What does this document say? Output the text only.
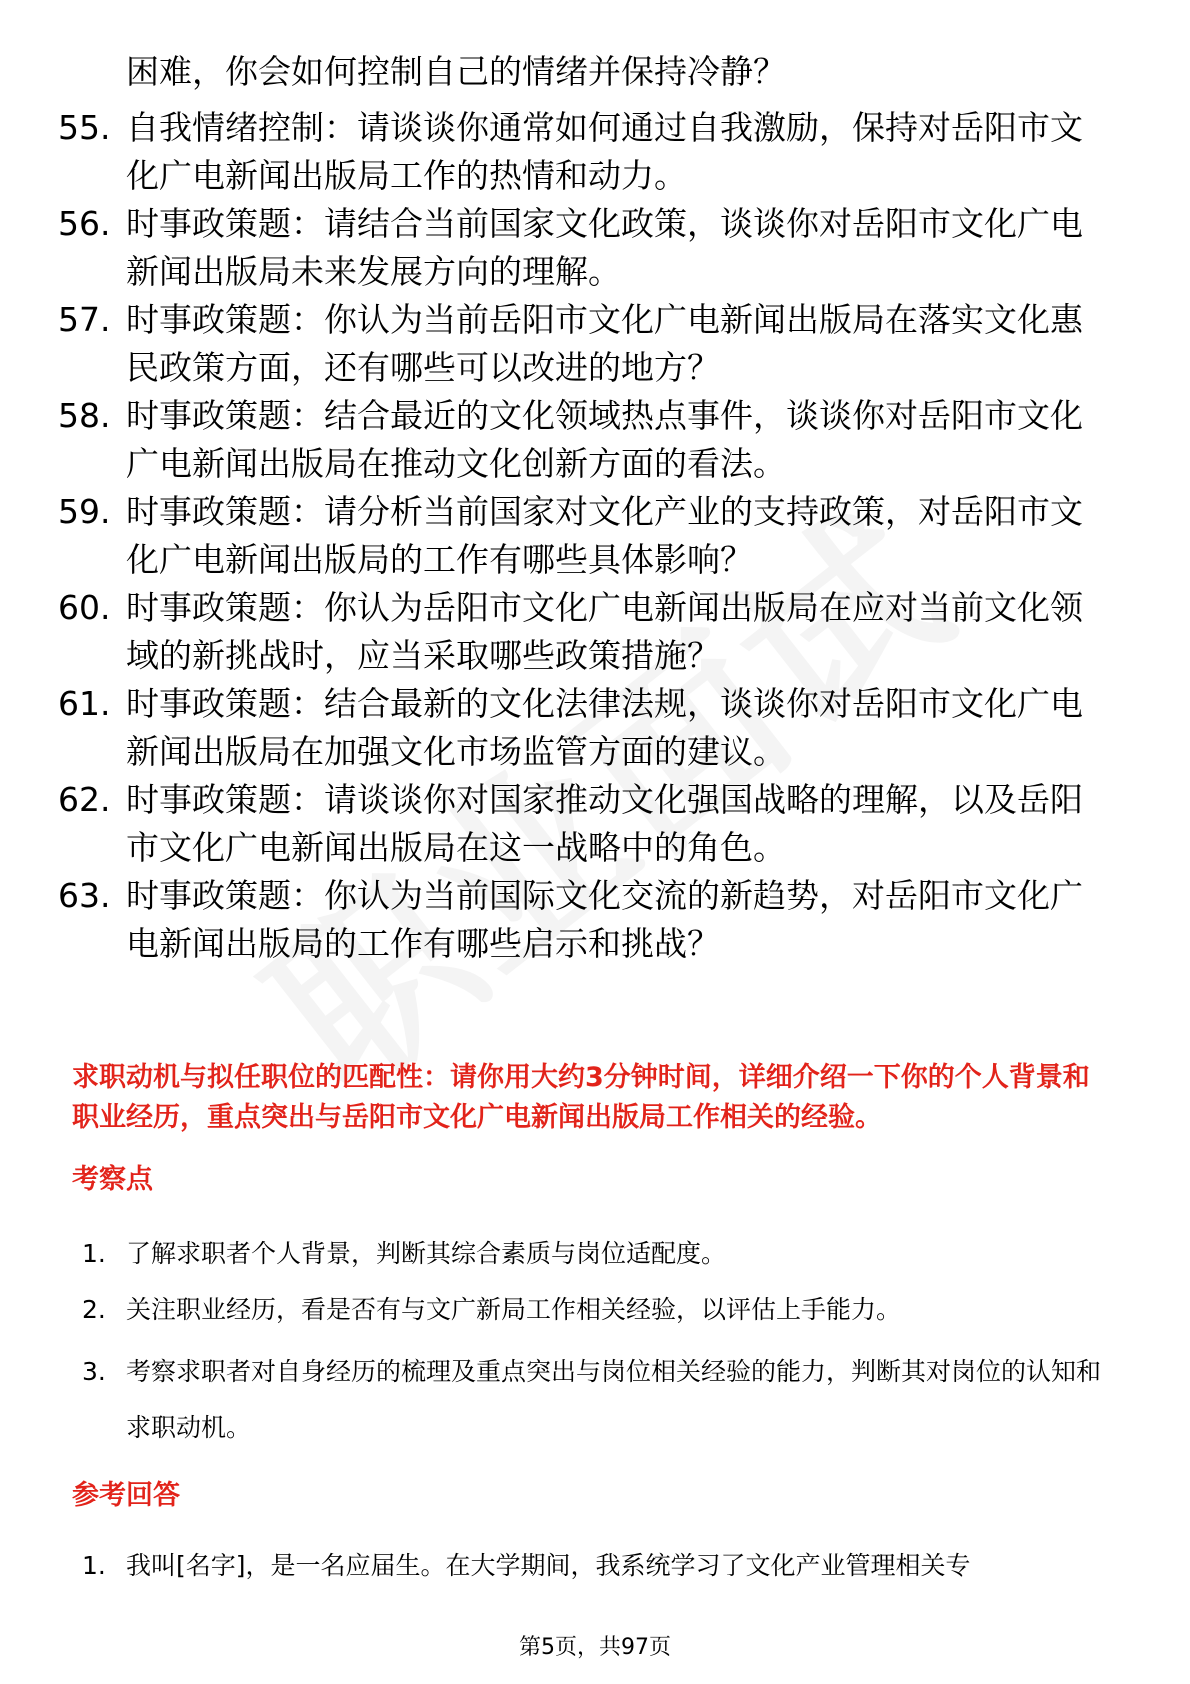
困难，你会如何控制自己的情绪并保持冷静？
55. 自我情绪控制：请谈谈你通常如何通过自我激励，保持对岳阳市文化广电新闻出版局工作的热情和动力。
56. 时事政策题：请结合当前国家文化政策，谈谈你对岳阳市文化广电新闻出版局未来发展方向的理解。
57. 时事政策题：你认为当前岳阳市文化广电新闻出版局在落实文化惠民政策方面，还有哪些可以改进的地方？
58. 时事政策题：结合最近的文化领域热点事件，谈谈你对岳阳市文化广电新闻出版局在推动文化创新方面的看法。
59. 时事政策题：请分析当前国家对文化产业的支持政策，对岳阳市文化广电新闻出版局的工作有哪些具体影响？
60. 时事政策题：你认为岳阳市文化广电新闻出版局在应对当前文化领域的新挑战时，应当采取哪些政策措施？
61. 时事政策题：结合最新的文化法律法规，谈谈你对岳阳市文化广电新闻出版局在加强文化市场监管方面的建议。
62. 时事政策题：请谈谈你对国家推动文化强国战略的理解，以及岳阳市文化广电新闻出版局在这一战略中的角色。
63. 时事政策题：你认为当前国际文化交流的新趋势，对岳阳市文化广电新闻出版局的工作有哪些启示和挑战？
求职动机与拟任职位的匹配性：请你用大约3分钟时间，详细介绍一下你的个人背景和职业经历，重点突出与岳阳市文化广电新闻出版局工作相关的经验。
考察点
1. 了解求职者个人背景，判断其综合素质与岗位适配度。
2. 关注职业经历，看是否有与文广新局工作相关经验，以评估上手能力。
3. 考察求职者对自身经历的梳理及重点突出与岗位相关经验的能力，判断其对岗位的认知和求职动机。
参考回答
1. 我叫[名字]，是一名应届生。在大学期间，我系统学习了文化产业管理相关专
第5页，共97页
